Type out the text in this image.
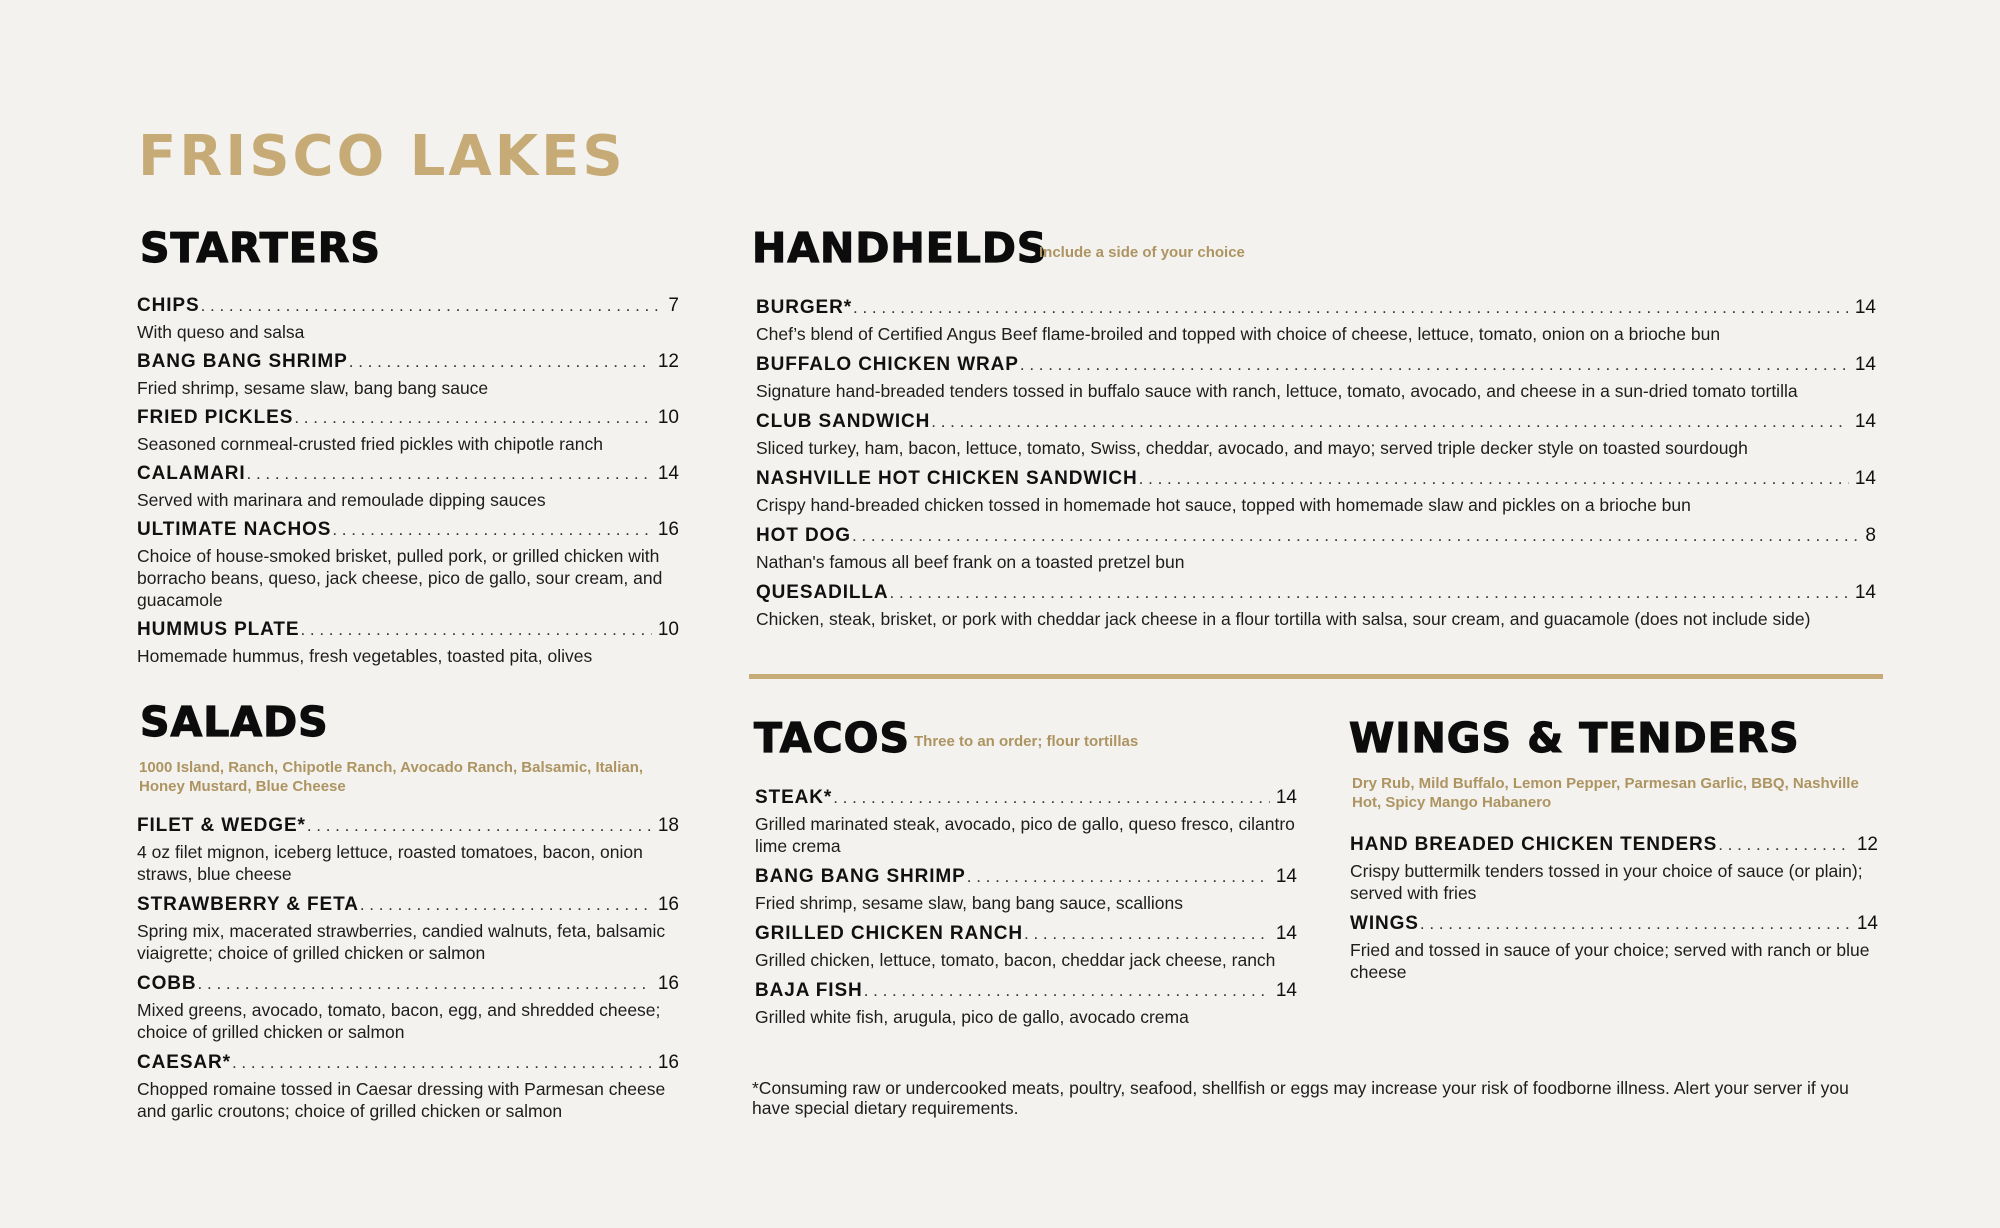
FRISCO LAKES
STARTERS
CHIPS . . .	7
With queso and salsa
BANG BANG SHRIMP . . .	12
Fried shrimp, sesame slaw, bang bang sauce
FRIED PICKLES . . .	10
Seasoned cornmeal-crusted fried pickles with chipotle ranch
CALAMARI . . .	14
Served with marinara and remoulade dipping sauces
ULTIMATE NACHOS . . .	16
Choice of house-smoked brisket, pulled pork, or grilled chicken with borracho beans, queso, jack cheese, pico de gallo, sour cream, and guacamole
HUMMUS PLATE . . .	10
Homemade hummus, fresh vegetables, toasted pita, olives
SALADS
1000 Island, Ranch, Chipotle Ranch, Avocado Ranch, Balsamic, Italian, Honey Mustard, Blue Cheese
FILET & WEDGE* . . .	18
4 oz filet mignon, iceberg lettuce, roasted tomatoes, bacon, onion straws, blue cheese
STRAWBERRY & FETA . . .	16
Spring mix, macerated strawberries, candied walnuts, feta, balsamic viaigrette; choice of grilled chicken or salmon
COBB . . .	16
Mixed greens, avocado, tomato, bacon, egg, and shredded cheese; choice of grilled chicken or salmon
CAESAR* . . .	16
Chopped romaine tossed in Caesar dressing with Parmesan cheese and garlic croutons; choice of grilled chicken or salmon
HANDHELDS
Include a side of your choice
BURGER* . . .	14
Chef’s blend of Certified Angus Beef flame-broiled and topped with choice of cheese, lettuce, tomato, onion on a brioche bun
BUFFALO CHICKEN WRAP . . .	14
Signature hand-breaded tenders tossed in buffalo sauce with ranch, lettuce, tomato, avocado, and cheese in a sun-dried tomato tortilla
CLUB SANDWICH . . .	14
Sliced turkey, ham, bacon, lettuce, tomato, Swiss, cheddar, avocado, and mayo; served triple decker style on toasted sourdough
NASHVILLE HOT CHICKEN SANDWICH . . .	14
Crispy hand-breaded chicken tossed in homemade hot sauce, topped with homemade slaw and pickles on a brioche bun
HOT DOG . . .	8
Nathan's famous all beef frank on a toasted pretzel bun
QUESADILLA . . .	14
Chicken, steak, brisket, or pork with cheddar jack cheese in a flour tortilla with salsa, sour cream, and guacamole (does not include side)
TACOS Three to an order; flour tortillas
STEAK* . . .	14
Grilled marinated steak, avocado, pico de gallo, queso fresco, cilantro lime crema
BANG BANG SHRIMP . . .	14
Fried shrimp, sesame slaw, bang bang sauce, scallions
GRILLED CHICKEN RANCH . . .	14
Grilled chicken, lettuce, tomato, bacon, cheddar jack cheese, ranch
BAJA FISH . . .	14
Grilled white fish, arugula, pico de gallo, avocado crema
WINGS & TENDERS
Dry Rub, Mild Buffalo, Lemon Pepper, Parmesan Garlic, BBQ, Nashville Hot, Spicy Mango Habanero
HAND BREADED CHICKEN TENDERS . . .	12
Crispy buttermilk tenders tossed in your choice of sauce (or plain); served with fries
WINGS . . .	14
Fried and tossed in sauce of your choice; served with ranch or blue cheese
*Consuming raw or undercooked meats, poultry, seafood, shellfish or eggs may increase your risk of foodborne illness. Alert your server if you have special dietary requirements.
